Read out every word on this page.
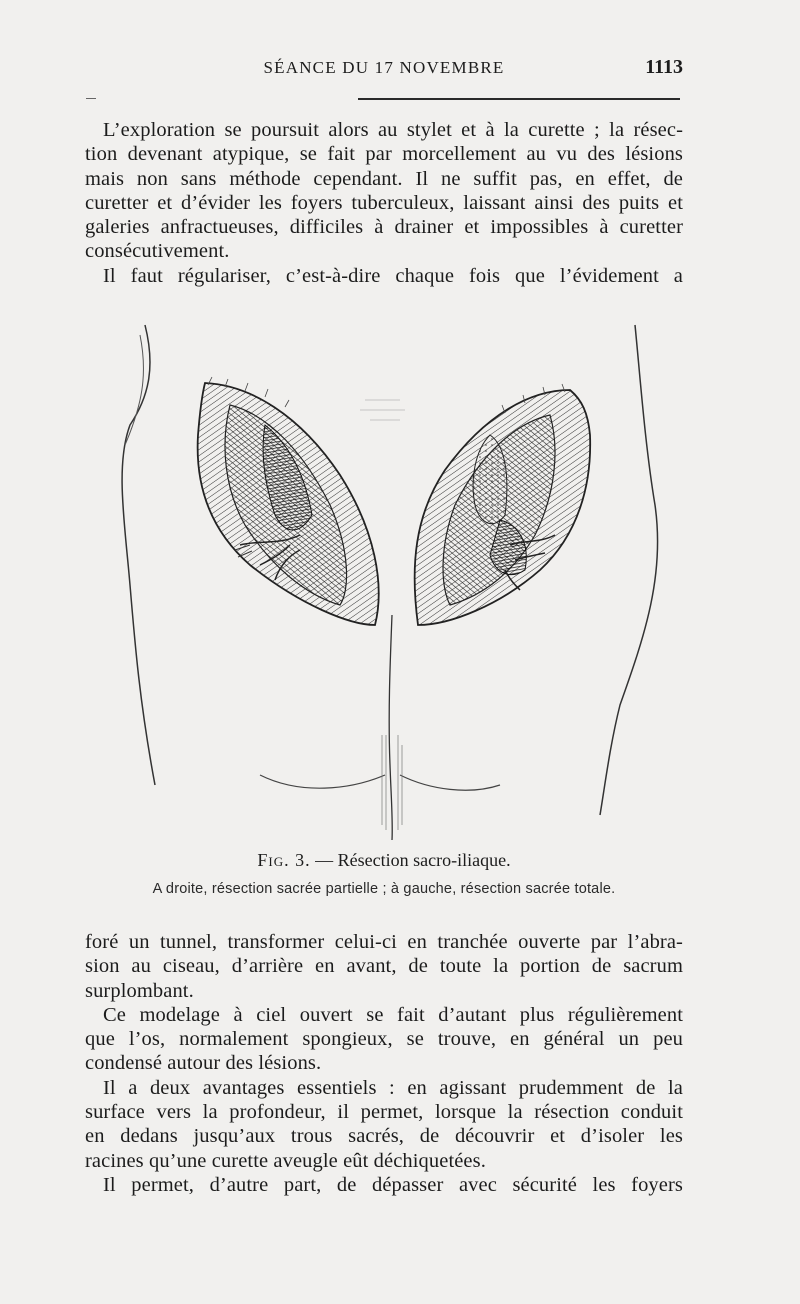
SÉANCE DU 17 NOVEMBRE	1113

L’exploration se poursuit alors au stylet et à la curette ; la résec-
tion devenant atypique, se fait par morcellement au vu des lésions
mais non sans méthode cependant. Il ne suffit pas, en effet, de
curetter et d’évider les foyers tuberculeux, laissant ainsi des puits et
galeries anfractueuses, difficiles à drainer et impossibles à curetter
consécutivement.

Il faut régulariser, c’est-à-dire chaque fois que l’évidement a

Fig. 3. — Résection sacro-iliaque.
A droite, résection sacrée partielle ; à gauche, résection sacrée totale.

foré un tunnel, transformer celui-ci en tranchée ouverte par l’abra-
sion au ciseau, d’arrière en avant, de toute la portion de sacrum
surplombant.

Ce modelage à ciel ouvert se fait d’autant plus régulièrement
que l’os, normalement spongieux, se trouve, en général un peu
condensé autour des lésions.

Il a deux avantages essentiels : en agissant prudemment de la
surface vers la profondeur, il permet, lorsque la résection conduit
en dedans jusqu’aux trous sacrés, de découvrir et d’isoler les
racines qu’une curette aveugle eût déchiquetées.

Il permet, d’autre part, de dépasser avec sécurité les foyers
